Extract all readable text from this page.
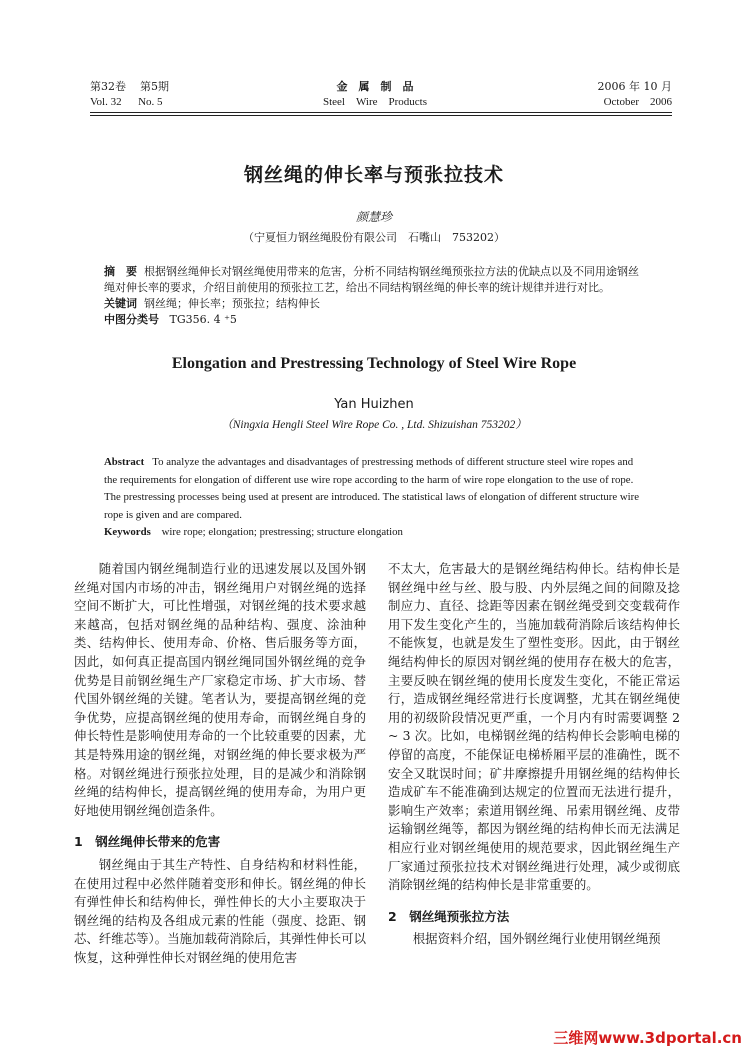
第32卷 第5期
Vol. 32 No. 5
金　属　制　品
Steel　Wire　Products
2006 年 10 月
October　2006
钢丝绳的伸长率与预张拉技术
颜慧珍
（宁夏恒力钢丝绳股份有限公司　石嘴山　753202）
摘　要 根据钢丝绳伸长对钢丝绳使用带来的危害，分析不同结构钢丝绳预张拉方法的优缺点以及不同用途钢丝
绳对伸长率的要求，介绍目前使用的预张拉工艺，给出不同结构钢丝绳的伸长率的统计规律并进行对比。
关键词 钢丝绳；伸长率；预张拉；结构伸长
中图分类号 TG356. 4 ⁺5
Elongation and Prestressing Technology of Steel Wire Rope
Yan Huizhen
（Ningxia Hengli Steel Wire Rope Co. , Ltd. Shizuishan 753202）
Abstract To analyze the advantages and disadvantages of prestressing methods of different structure steel wire ropes and
the requirements for elongation of different use wire rope according to the harm of wire rope elongation to the use of rope.
The prestressing processes being used at present are introduced. The statistical laws of elongation of different structure wire
rope is given and are compared.
Keywords wire rope; elongation; prestressing; structure elongation

随着国内钢丝绳制造行业的迅速发展以及国外钢丝绳对国内市场的冲击，钢丝绳用户对钢丝绳的选择空间不断扩大，可比性增强，对钢丝绳的技术要求越来越高，包括对钢丝绳的品种结构、强度、涂油种类、结构伸长、使用寿命、价格、售后服务等方面，因此，如何真正提高国内钢丝绳同国外钢丝绳的竞争优势是目前钢丝绳生产厂家稳定市场、扩大市场、替代国外钢丝绳的关键。笔者认为，要提高钢丝绳的竞争优势，应提高钢丝绳的使用寿命，而钢丝绳自身的伸长特性是影响使用寿命的一个比较重要的因素，尤其是特殊用途的钢丝绳，对钢丝绳的伸长要求极为严格。对钢丝绳进行预张拉处理，目的是减少和消除钢丝绳的结构伸长，提高钢丝绳的使用寿命，为用户更好地使用钢丝绳创造条件。

1　钢丝绳伸长带来的危害

钢丝绳由于其生产特性、自身结构和材料性能，在使用过程中必然伴随着变形和伸长。钢丝绳的伸长有弹性伸长和结构伸长，弹性伸长的大小主要取决于钢丝绳的结构及各组成元素的性能（强度、捻距、钢芯、纤维芯等）。当施加载荷消除后，其弹性伸长可以恢复，这种弹性伸长对钢丝绳的使用危害

不太大，危害最大的是钢丝绳结构伸长。结构伸长是钢丝绳中丝与丝、股与股、内外层绳之间的间隙及捻制应力、直径、捻距等因素在钢丝绳受到交变载荷作用下发生变化产生的，当施加载荷消除后该结构伸长不能恢复，也就是发生了塑性变形。因此，由于钢丝绳结构伸长的原因对钢丝绳的使用存在极大的危害，主要反映在钢丝绳的使用长度发生变化，不能正常运行，造成钢丝绳经常进行长度调整，尤其在钢丝绳使用的初级阶段情况更严重，一个月内有时需要调整 2 ~ 3 次。比如，电梯钢丝绳的结构伸长会影响电梯的停留的高度，不能保证电梯桥厢平层的准确性，既不安全又耽误时间；矿井摩擦提升用钢丝绳的结构伸长造成矿车不能准确到达规定的位置而无法进行提升，影响生产效率；索道用钢丝绳、吊索用钢丝绳、皮带运输钢丝绳等，都因为钢丝绳的结构伸长而无法满足相应行业对钢丝绳使用的规范要求，因此钢丝绳生产厂家通过预张拉技术对钢丝绳进行处理，减少或彻底消除钢丝绳的结构伸长是非常重要的。

2　钢丝绳预张拉方法

根据资料介绍，国外钢丝绳行业使用钢丝绳预

三维网www.3dportal.cn
